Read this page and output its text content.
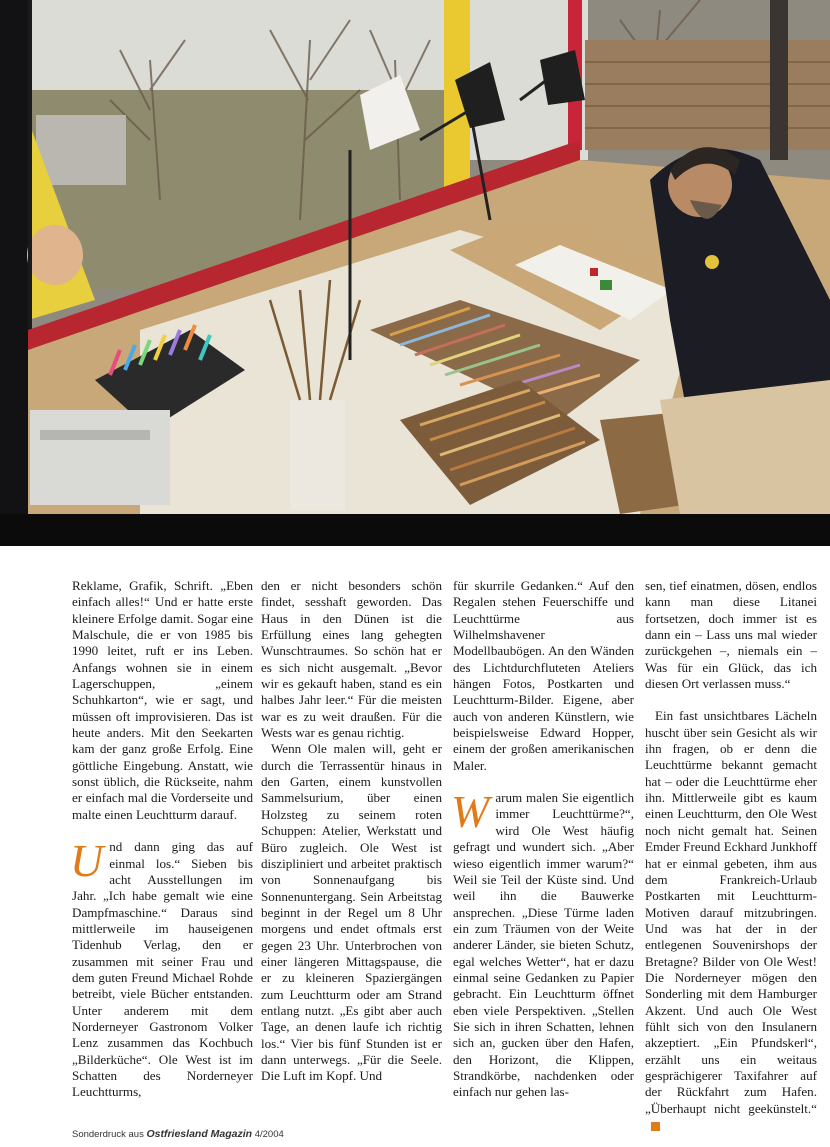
Reklame, Grafik, Schrift. „Eben einfach alles!“ Und er hatte erste kleinere Erfolge damit. Sogar eine Malschule, die er von 1985 bis 1990 leitet, ruft er ins Leben. Anfangs wohnen sie in einem Lagerschuppen, „einem Schuhkarton“, wie er sagt, und müssen oft improvisieren. Das ist heute anders. Mit den Seekarten kam der ganz große Erfolg. Eine göttliche Eingebung. Anstatt, wie sonst üblich, die Rückseite, nahm er einfach mal die Vorderseite und malte einen Leuchtturm darauf.

Und dann ging das auf einmal los.“ Sieben bis acht Ausstellungen im Jahr. „Ich habe gemalt wie eine Dampfmaschine.“ Daraus sind mittlerweile im hauseigenen Tidenhub Verlag, den er zusammen mit seiner Frau und dem guten Freund Michael Rohde betreibt, viele Bücher entstanden. Unter anderem mit dem Norderneyer Gastronom Volker Lenz zusammen das Kochbuch „Bilderküche“. Ole West ist im Schatten des Norderneyer Leuchtturms,

den er nicht besonders schön findet, sesshaft geworden. Das Haus in den Dünen ist die Erfüllung eines lang gehegten Wunschtraumes. So schön hat er es sich nicht ausgemalt. „Bevor wir es gekauft haben, stand es ein halbes Jahr leer.“ Für die meisten war es zu weit draußen. Für die Wests war es genau richtig.

Wenn Ole malen will, geht er durch die Terrassentür hinaus in den Garten, einem kunstvollen Sammelsurium, über einen Holzsteg zu seinem roten Schuppen: Atelier, Werkstatt und Büro zugleich. Ole West ist diszipliniert und arbeitet praktisch von Sonnenaufgang bis Sonnenuntergang. Sein Arbeitstag beginnt in der Regel um 8 Uhr morgens und endet oftmals erst gegen 23 Uhr. Unterbrochen von einer längeren Mittagspause, die er zu kleineren Spaziergängen zum Leuchtturm oder am Strand entlang nutzt. „Es gibt aber auch Tage, an denen laufe ich richtig los.“ Vier bis fünf Stunden ist er dann unterwegs. „Für die Seele. Die Luft im Kopf. Und

für skurrile Gedanken.“ Auf den Regalen stehen Feuerschiffe und Leuchttürme aus Wilhelmshavener Modellbaubögen. An den Wänden des Lichtdurchfluteten Ateliers hängen Fotos, Postkarten und Leuchtturm-Bilder. Eigene, aber auch von anderen Künstlern, wie beispielsweise Edward Hopper, einem der großen amerikanischen Maler.

Warum malen Sie eigentlich immer Leuchttürme?“, wird Ole West häufig gefragt und wundert sich. „Aber wieso eigentlich immer warum?“ Weil sie Teil der Küste sind. Und weil ihn die Bauwerke ansprechen. „Diese Türme laden ein zum Träumen von der Weite anderer Länder, sie bieten Schutz, egal welches Wetter“, hat er dazu einmal seine Gedanken zu Papier gebracht. Ein Leuchtturm öffnet eben viele Perspektiven. „Stellen Sie sich in ihren Schatten, lehnen sich an, gucken über den Hafen, den Horizont, die Klippen, Strandkörbe, nachdenken oder einfach nur gehen las-

sen, tief einatmen, dösen, endlos kann man diese Litanei fortsetzen, doch immer ist es dann ein – Lass uns mal wieder zurückgehen –, niemals ein – Was für ein Glück, das ich diesen Ort verlassen muss.“

Ein fast unsichtbares Lächeln huscht über sein Gesicht als wir ihn fragen, ob er denn die Leuchttürme bekannt gemacht hat – oder die Leuchttürme eher ihn. Mittlerweile gibt es kaum einen Leuchtturm, den Ole West noch nicht gemalt hat. Seinen Emder Freund Eckhard Junkhoff hat er einmal gebeten, ihm aus dem Frankreich-Urlaub Postkarten mit Leuchtturm-Motiven darauf mitzubringen. Und was hat der in der entlegenen Souvenirshops der Bretagne? Bilder von Ole West! Die Norderneyer mögen den Sonderling mit dem Hamburger Akzent. Und auch Ole West fühlt sich von den Insulanern akzeptiert. „Ein Pfundskerl“, erzählt uns ein weitaus gesprächigerer Taxifahrer auf der Rückfahrt zum Hafen. „Überhaupt nicht geekünstelt.“

Sonderdruck aus Ostfriesland Magazin 4/2004
